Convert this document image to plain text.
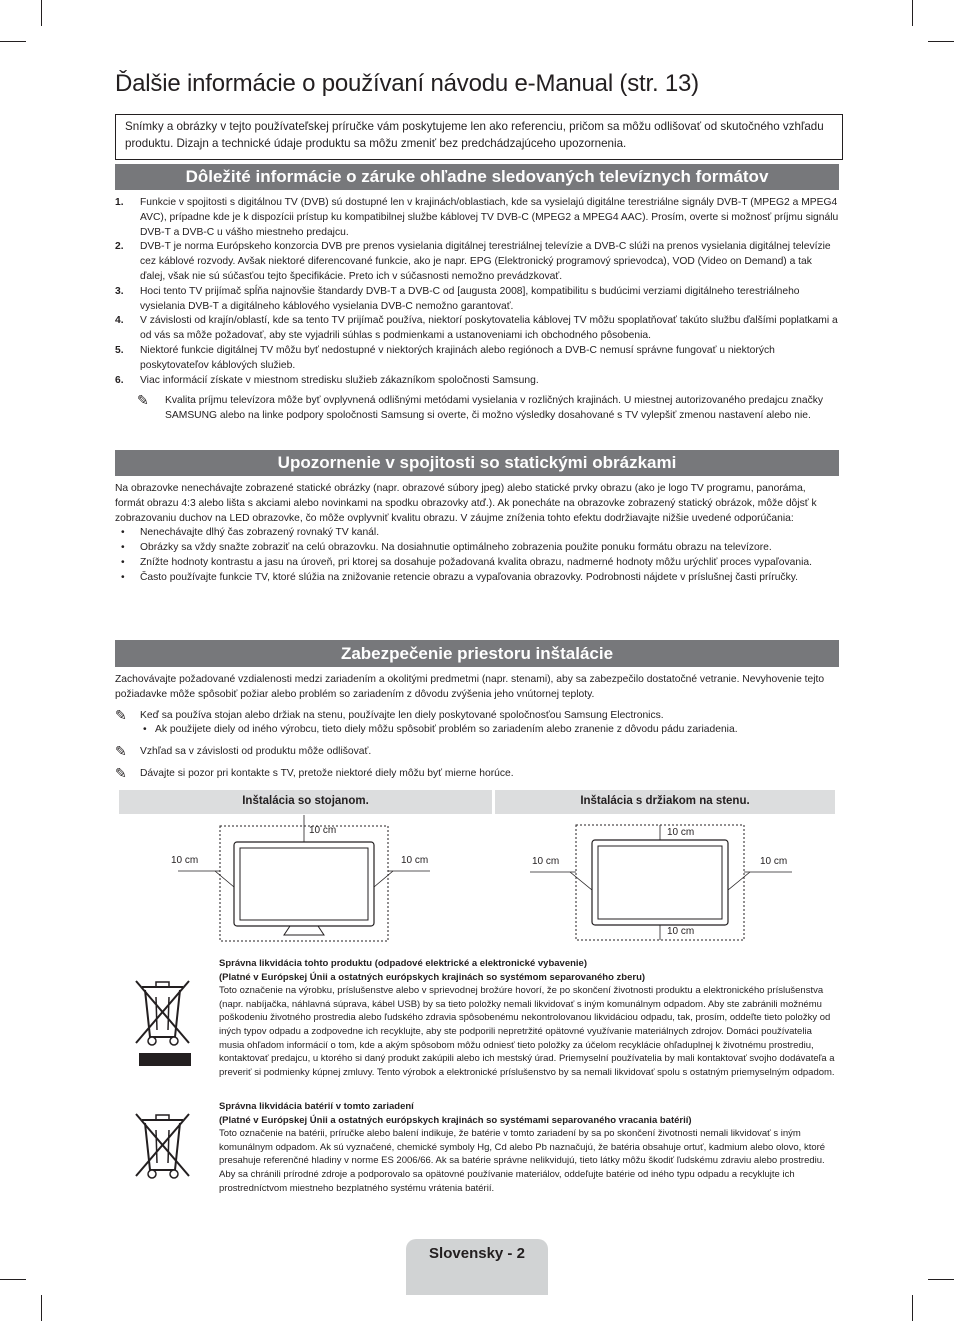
Ďalšie informácie o používaní návodu e-Manual (str. 13)
Snímky a obrázky v tejto používateľskej príručke vám poskytujeme len ako referenciu, pričom sa môžu odlišovať od skutočného vzhľadu produktu. Dizajn a technické údaje produktu sa môžu zmeniť bez predchádzajúceho upozornenia.
Dôležité informácie o záruke ohľadne sledovaných televíznych formátov
1. Funkcie v spojitosti s digitálnou TV (DVB) sú dostupné len v krajinách/oblastiach, kde sa vysielajú digitálne terestriálne signály DVB-T (MPEG2 a MPEG4 AVC), prípadne kde je k dispozícii prístup ku kompatibilnej službe káblovej TV DVB-C (MPEG2 a MPEG4 AAC). Prosím, overte si možnosť príjmu signálu DVB-T a DVB-C u vášho miestneho predajcu.
2. DVB-T je norma Európskeho konzorcia DVB pre prenos vysielania digitálnej terestriálnej televízie a DVB-C slúži na prenos vysielania digitálnej televízie cez káblové rozvody. Avšak niektoré diferencované funkcie, ako je napr. EPG (Elektronický programový sprievodca), VOD (Video on Demand) a tak ďalej, však nie sú súčasťou tejto špecifikácie. Preto ich v súčasnosti nemožno prevádzkovať.
3. Hoci tento TV prijímač spĺňa najnovšie štandardy DVB-T a DVB-C od [augusta 2008], kompatibilitu s budúcimi verziami digitálneho terestriálneho vysielania DVB-T a digitálneho káblového vysielania DVB-C nemožno garantovať.
4. V závislosti od krajín/oblastí, kde sa tento TV prijímač používa, niektorí poskytovatelia káblovej TV môžu spoplatňovať takúto službu ďalšími poplatkami a od vás sa môže požadovať, aby ste vyjadrili súhlas s podmienkami a ustanoveniami ich obchodného pôsobenia.
5. Niektoré funkcie digitálnej TV môžu byť nedostupné v niektorých krajinách alebo regiónoch a DVB-C nemusí správne fungovať u niektorých poskytovateľov káblových služieb.
6. Viac informácií získate v miestnom stredisku služieb zákazníkom spoločnosti Samsung.
✎ Kvalita príjmu televízora môže byť ovplyvnená odlišnými metódami vysielania v rozličných krajinách. U miestnej autorizovaného predajcu značky SAMSUNG alebo na linke podpory spoločnosti Samsung si overte, či možno výsledky dosahované s TV vylepšiť zmenou nastavení alebo nie.
Upozornenie v spojitosti so statickými obrázkami
Na obrazovke nenechávajte zobrazené statické obrázky (napr. obrazové súbory jpeg) alebo statické prvky obrazu (ako je logo TV programu, panoráma, formát obrazu 4:3 alebo lišta s akciami alebo novinkami na spodku obrazovky atď.). Ak ponecháte na obrazovke zobrazený statický obrázok, môže dôjsť k zobrazovaniu duchov na LED obrazovke, čo môže ovplyvniť kvalitu obrazu. V záujme zníženia tohto efektu dodržiavajte nižšie uvedené odporúčania:
• Nenechávajte dlhý čas zobrazený rovnaký TV kanál.
• Obrázky sa vždy snažte zobraziť na celú obrazovku. Na dosiahnutie optimálneho zobrazenia použite ponuku formátu obrazu na televízore.
• Znížte hodnoty kontrastu a jasu na úroveň, pri ktorej sa dosahuje požadovaná kvalita obrazu, nadmerné hodnoty môžu urýchliť proces vypaľovania.
• Často používajte funkcie TV, ktoré slúžia na znižovanie retencie obrazu a vypaľovania obrazovky. Podrobnosti nájdete v príslušnej časti príručky.
Zabezpečenie priestoru inštalácie
Zachovávajte požadované vzdialenosti medzi zariadením a okolitými predmetmi (napr. stenami), aby sa zabezpečilo dostatočné vetranie. Nevyhovenie tejto požiadavke môže spôsobiť požiar alebo problém so zariadením z dôvodu zvýšenia jeho vnútornej teploty.
✎ Keď sa používa stojan alebo držiak na stenu, používajte len diely poskytované spoločnosťou Samsung Electronics.
• Ak použijete diely od iného výrobcu, tieto diely môžu spôsobiť problém so zariadením alebo zranenie z dôvodu pádu zariadenia.
✎ Vzhľad sa v závislosti od produktu môže odlišovať.
✎ Dávajte si pozor pri kontakte s TV, pretože niektoré diely môžu byť mierne horúce.
Inštalácia so stojanom.	Inštalácia s držiakom na stenu.
10 cm
10 cm	10 cm
10 cm
10 cm	10 cm
10 cm
Správna likvidácia tohto produktu (odpadové elektrické a elektronické vybavenie)
(Platné v Európskej Únii a ostatných európskych krajinách so systémom separovaného zberu)
Toto označenie na výrobku, príslušenstve alebo v sprievodnej brožúre hovorí, že po skončení životnosti produktu a elektronického príslušenstva (napr. nabíjačka, náhlavná súprava, kábel USB) by sa tieto položky nemali likvidovať s iným komunálnym odpadom. Aby ste zabránili možnému poškodeniu životného prostredia alebo ľudského zdravia spôsobenému nekontrolovanou likvidáciou odpadu, tak, prosím, oddeľte tieto položky od iných typov odpadu a zodpovedne ich recyklujte, aby ste podporili nepretržité opätovné využívanie materiálnych zdrojov. Domáci používatelia musia ohľadom informácií o tom, kde a akým spôsobom môžu odniesť tieto položky za účelom recyklácie ohľaduplnej k životnému prostrediu, kontaktovať predajcu, u ktorého si daný produkt zakúpili alebo ich mestský úrad. Priemyselní používatelia by mali kontaktovať svojho dodávateľa a preveriť si podmienky kúpnej zmluvy. Tento výrobok a elektronické príslušenstvo by sa nemali likvidovať spolu s ostatným priemyselným odpadom.
Správna likvidácia batérií v tomto zariadení
(Platné v Európskej Únii a ostatných európskych krajinách so systémami separovaného vracania batérií)
Toto označenie na batérii, príručke alebo balení indikuje, že batérie v tomto zariadení by sa po skončení životnosti nemali likvidovať s iným komunálnym odpadom. Ak sú vyznačené, chemické symboly Hg, Cd alebo Pb naznačujú, že batéria obsahuje ortuť, kadmium alebo olovo, ktoré presahuje referenčné hladiny v norme ES 2006/66. Ak sa batérie správne nelikvidujú, tieto látky môžu škodiť ľudskému zdraviu alebo prostrediu. Aby sa chránili prírodné zdroje a podporovalo sa opätovné používanie materiálov, oddeľujte batérie od iného typu odpadu a recyklujte ich prostredníctvom miestneho bezplatného systému vrátenia batérií.
Slovensky - 2
